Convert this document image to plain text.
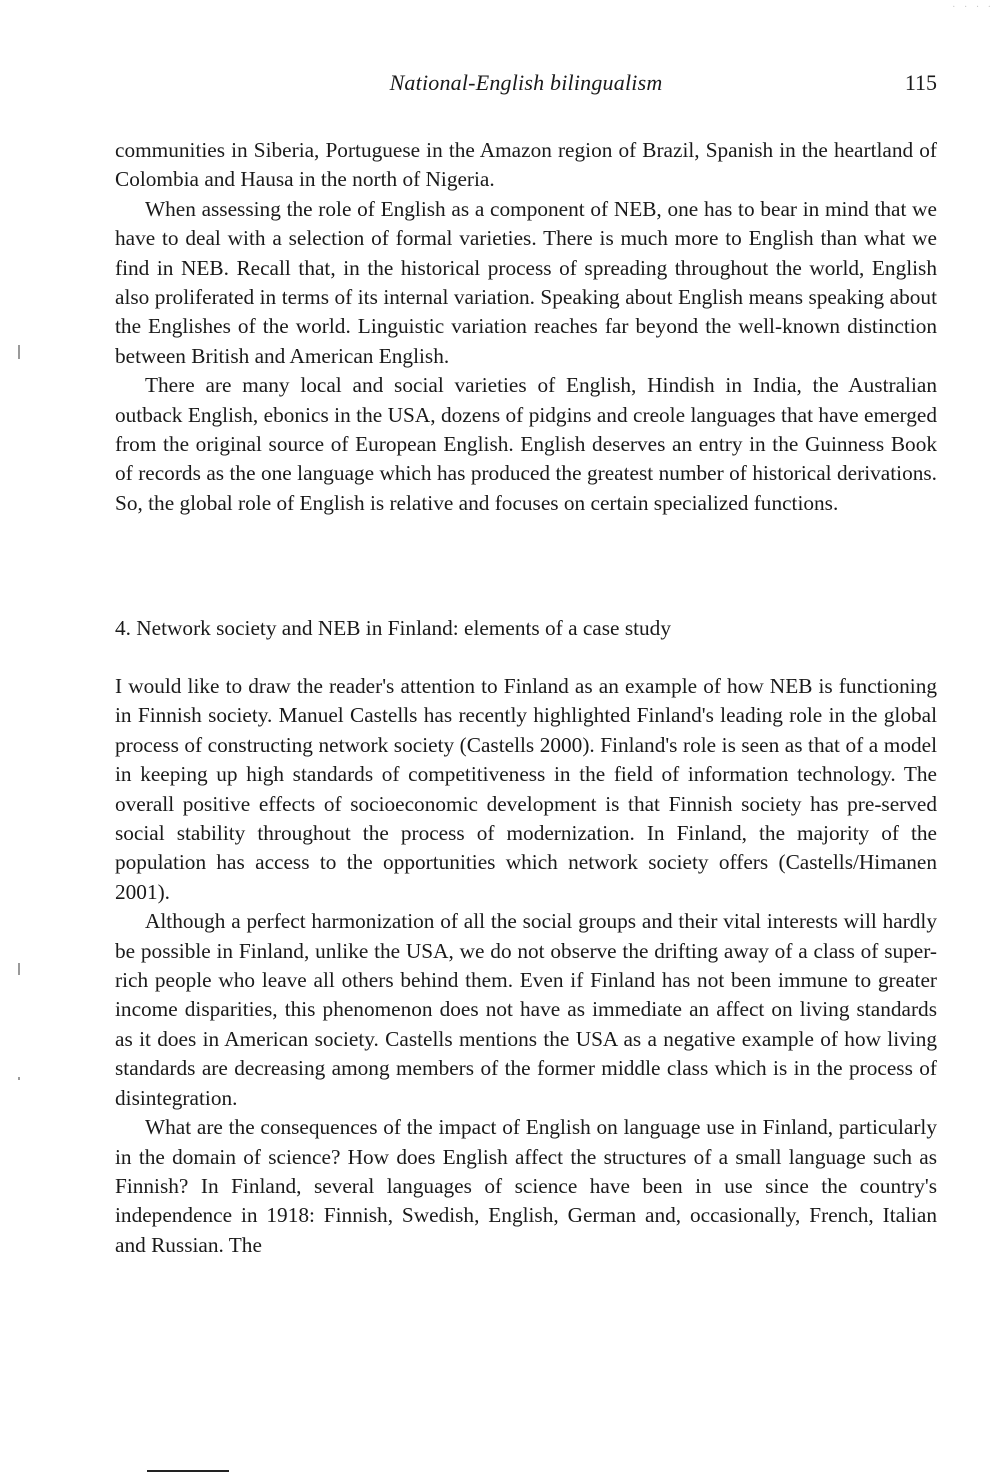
· · · ·
National-English bilingualism	115

communities in Siberia, Portuguese in the Amazon region of Brazil, Spanish in the heartland of Colombia and Hausa in the north of Nigeria.

When assessing the role of English as a component of NEB, one has to bear in mind that we have to deal with a selection of formal varieties. There is much more to English than what we find in NEB. Recall that, in the historical process of spreading throughout the world, English also proliferated in terms of its internal variation. Speaking about English means speaking about the Englishes of the world. Linguistic variation reaches far beyond the well-known distinction between British and American English.

There are many local and social varieties of English, Hindish in India, the Australian outback English, ebonics in the USA, dozens of pidgins and creole languages that have emerged from the original source of European English. English deserves an entry in the Guinness Book of records as the one language which has produced the greatest number of historical derivations. So, the global role of English is relative and focuses on certain specialized functions.

4. Network society and NEB in Finland: elements of a case study

I would like to draw the reader's attention to Finland as an example of how NEB is functioning in Finnish society. Manuel Castells has recently highlighted Finland's leading role in the global process of constructing network society (Castells 2000). Finland's role is seen as that of a model in keeping up high standards of competitiveness in the field of information technology. The overall positive effects of socioeconomic development is that Finnish society has pre-served social stability throughout the process of modernization. In Finland, the majority of the population has access to the opportunities which network society offers (Castells/Himanen 2001).

Although a perfect harmonization of all the social groups and their vital interests will hardly be possible in Finland, unlike the USA, we do not observe the drifting away of a class of super-rich people who leave all others behind them. Even if Finland has not been immune to greater income disparities, this phenomenon does not have as immediate an affect on living standards as it does in American society. Castells mentions the USA as a negative example of how living standards are decreasing among members of the former middle class which is in the process of disintegration.

What are the consequences of the impact of English on language use in Finland, particularly in the domain of science? How does English affect the structures of a small language such as Finnish? In Finland, several languages of science have been in use since the country's independence in 1918: Finnish, Swedish, English, German and, occasionally, French, Italian and Russian. The
